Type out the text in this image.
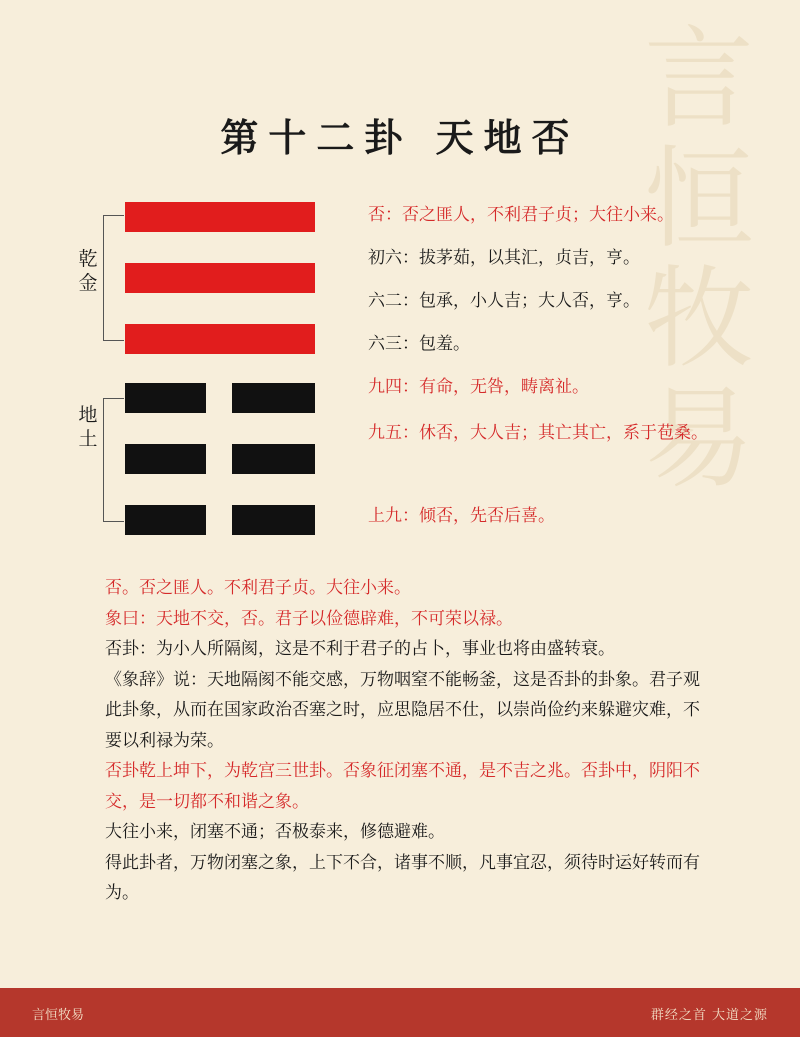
言恒牧易
第十二卦 天地否
乾金
地土
否：否之匪人，不利君子贞；大往小来。
初六：拔茅茹，以其汇，贞吉，亨。
六二：包承，小人吉；大人否，亨。
六三：包羞。
九四：有命，无咎，畴离祉。
九五：休否，大人吉；其亡其亡，系于苞桑。
上九：倾否，先否后喜。

否。否之匪人。不利君子贞。大往小来。

象曰：天地不交，否。君子以俭德辟难，不可荣以禄。

否卦：为小人所隔阂，这是不利于君子的占卜，事业也将由盛转衰。

《象辞》说：天地隔阂不能交感，万物咽窒不能畅釜，这是否卦的卦象。君子观此卦象，从而在国家政治否塞之时，应思隐居不仕，以崇尚俭约来躲避灾难，不要以利禄为荣。

否卦乾上坤下，为乾宫三世卦。否象征闭塞不通，是不吉之兆。否卦中，阴阳不交，是一切都不和谐之象。

大往小来，闭塞不通；否极泰来，修德避难。

得此卦者，万物闭塞之象，上下不合，诸事不顺，凡事宜忍，须待时运好转而有为。

言恒牧易	群经之首 大道之源
